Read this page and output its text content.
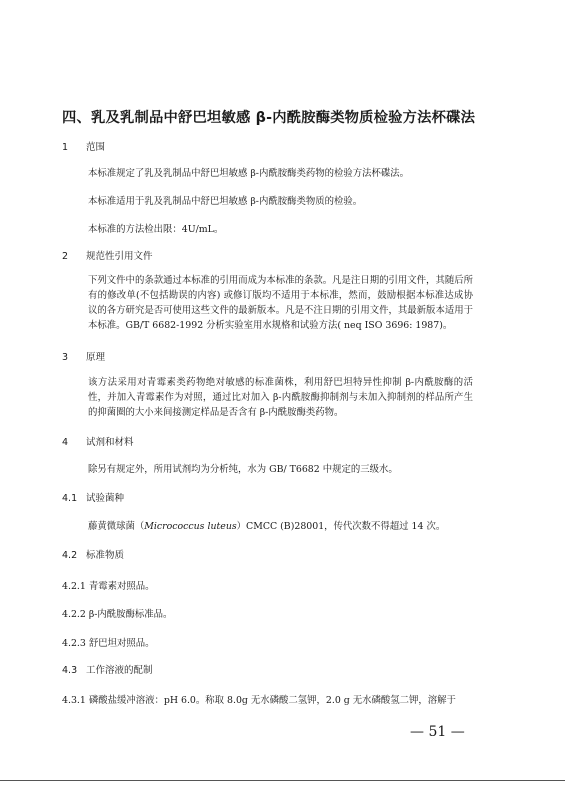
四、乳及乳制品中舒巴坦敏感 β-内酰胺酶类物质检验方法杯碟法
1 范围
本标准规定了乳及乳制品中舒巴坦敏感 β-内酰胺酶类药物的检验方法杯碟法。
本标准适用于乳及乳制品中舒巴坦敏感 β-内酰胺酶类物质的检验。
本标准的方法检出限：4U/mL。
2 规范性引用文件
下列文件中的条款通过本标准的引用而成为本标准的条款。凡是注日期的引用文件，其随后所有的修改单(不包括勘误的内容) 或修订版均不适用于本标准，然而，鼓励根据本标准达成协议的各方研究是否可使用这些文件的最新版本。凡是不注日期的引用文件，其最新版本适用于本标准。GB/T 6682-1992 分析实验室用水规格和试验方法( neq ISO 3696: 1987)。
3 原理
该方法采用对青霉素类药物绝对敏感的标准菌株，利用舒巴坦特异性抑制 β-内酰胺酶的活性，并加入青霉素作为对照，通过比对加入 β-内酰胺酶抑制剂与未加入抑制剂的样品所产生的抑菌圈的大小来间接测定样品是否含有 β-内酰胺酶类药物。
4 试剂和材料
除另有规定外，所用试剂均为分析纯，水为 GB/ T6682 中规定的三级水。
4.1 试验菌种
藤黄微球菌（Micrococcus luteus）CMCC (B)28001，传代次数不得超过 14 次。
4.2 标准物质
4.2.1 青霉素对照品。
4.2.2 β-内酰胺酶标准品。
4.2.3 舒巴坦对照品。
4.3 工作溶液的配制
4.3.1 磷酸盐缓冲溶液：pH 6.0。称取 8.0g 无水磷酸二氢钾，2.0 g 无水磷酸氢二钾，溶解于
— 51 —
